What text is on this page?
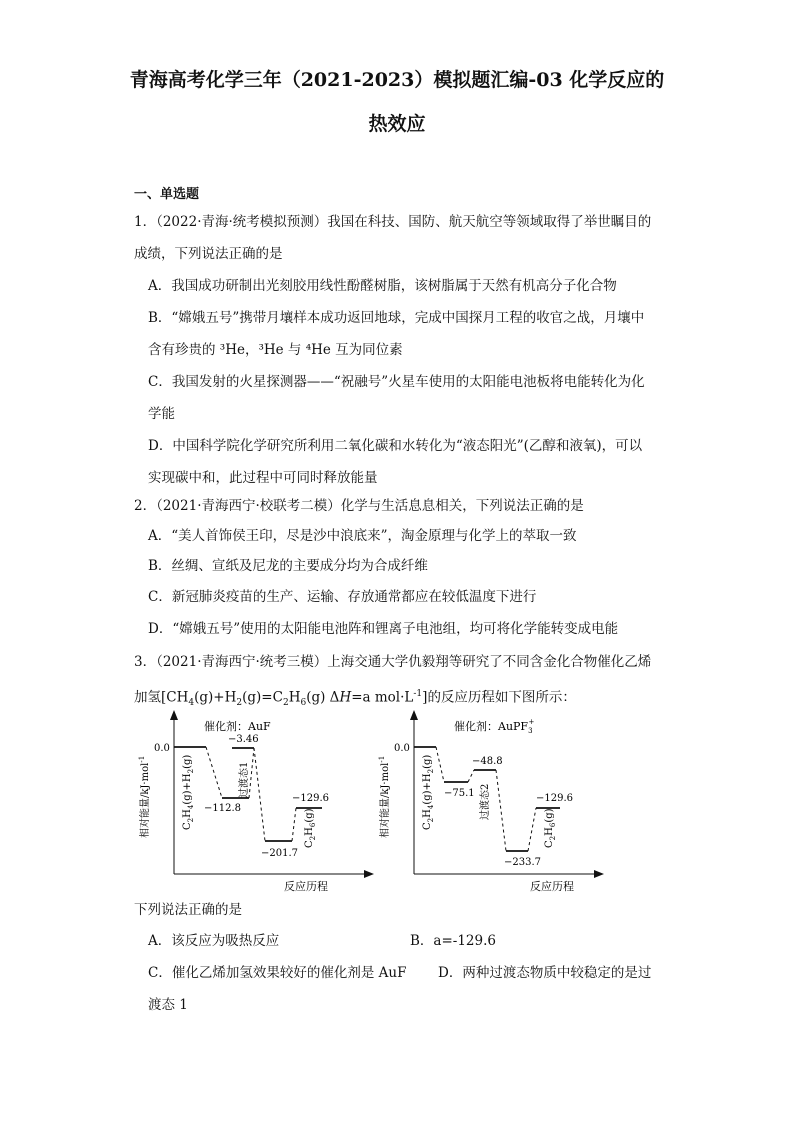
青海高考化学三年（2021-2023）模拟题汇编-03 化学反应的
热效应
一、单选题
1．（2022·青海·统考模拟预测）我国在科技、国防、航天航空等领域取得了举世瞩目的
成绩，下列说法正确的是
A．我国成功研制出光刻胶用线性酚醛树脂，该树脂属于天然有机高分子化合物
B．“嫦娥五号”携带月壤样本成功返回地球，完成中国探月工程的收官之战，月壤中
含有珍贵的 ³He，³He 与 ⁴He 互为同位素
C．我国发射的火星探测器——“祝融号”火星车使用的太阳能电池板将电能转化为化
学能
D．中国科学院化学研究所利用二氧化碳和水转化为“液态阳光”(乙醇和液氧)，可以
实现碳中和，此过程中可同时释放能量
2．（2021·青海西宁·校联考二模）化学与生活息息相关，下列说法正确的是
A．“美人首饰侯王印，尽是沙中浪底来”，淘金原理与化学上的萃取一致
B．丝绸、宣纸及尼龙的主要成分均为合成纤维
C．新冠肺炎疫苗的生产、运输、存放通常都应在较低温度下进行
D．“嫦娥五号”使用的太阳能电池阵和锂离子电池组，均可将化学能转变成电能
3．（2021·青海西宁·统考三模）上海交通大学仇毅翔等研究了不同含金化合物催化乙烯
加氢[$CH_4(g)+H_2(g)=C_2H_6(g)$ ΔH=a $mol\cdot L^{-1}$]的反应历程如下图所示：
催化剂：AuF
0.0
−112.8
−3.46
−201.7
−129.6
$C_2H_4(g)+H_2(g)$	过渡态1
$C_2H_6(g)$
相对能量/kJ·mol$^{-1}$
反应历程
催化剂：AuPF$_3$+
0.0
−75.1
−48.8
−233.7
−129.6
$C_2H_4(g)+H_2(g)$
过渡态2
$C_2H_6(g)$
相对能量/kJ·mol$^{-1}$
反应历程
下列说法正确的是
A．该反应为吸热反应	B．a=-129.6
C．催化乙烯加氢效果较好的催化剂是 AuF D．两种过渡态物质中较稳定的是过
渡态 1
